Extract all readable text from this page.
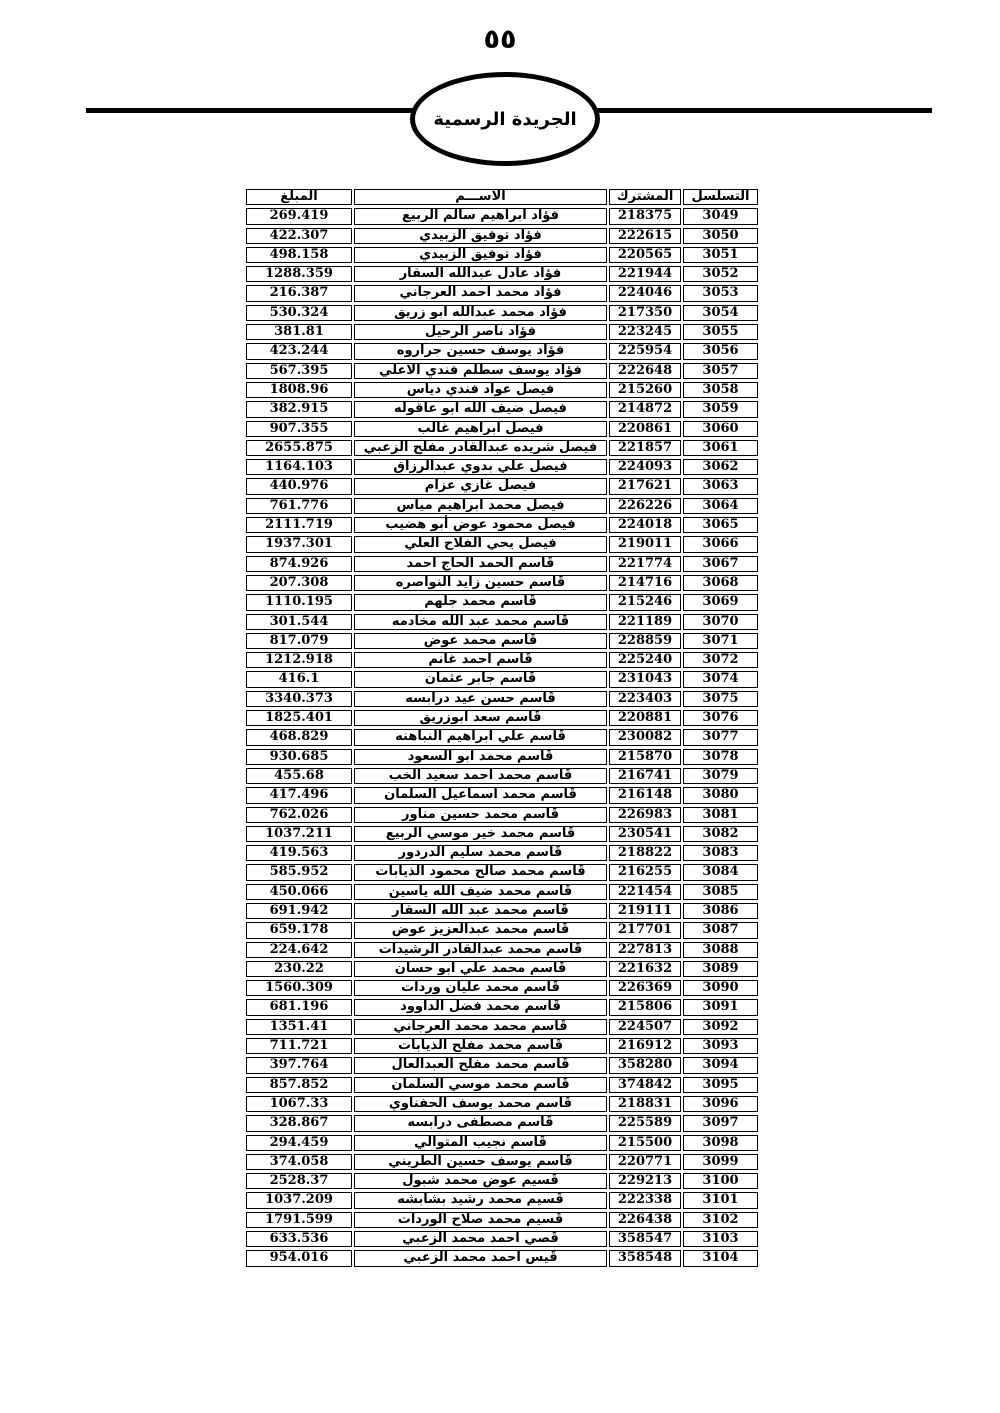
٥٥
الجريدة الرسمية
التسلسل	المشترك	الاســـم	المبلغ
3049	218375	فؤاد ابراهيم سالم الربيع	269.419
3050	222615	فؤاد توفيق الزبيدي	422.307
3051	220565	فؤاد توفيق الزبيدي	498.158
3052	221944	فؤاد عادل عبدالله السقار	1288.359
3053	224046	فؤاد محمد احمد العرجاني	216.387
3054	217350	فؤاد محمد عبدالله ابو زريق	530.324
3055	223245	فؤاد ناصر الرحيل	381.81
3056	225954	فؤاد يوسف حسين جراروه	423.244
3057	222648	فؤاد يوسف سطلم فندي الاعلي	567.395
3058	215260	فيصل عواد فندي دياس	1808.96
3059	214872	فيصل ضيف الله ابو عاقوله	382.915
3060	220861	فيصل ابراهيم غالب	907.355
3061	221857	فيصل شريده عبدالقادر مفلح الزعبي	2655.875
3062	224093	فيصل علي بدوي عبدالرزاق	1164.103
3063	217621	فيصل غازي عزام	440.976
3064	226226	فيصل محمد ابراهيم مياس	761.776
3065	224018	فيصل محمود عوض أبو هضيب	2111.719
3066	219011	فيصل يحي الفلاح العلي	1937.301
3067	221774	قَاسم الحمد الحاج احمد	874.926
3068	214716	قَاسم حسين زايد النواصره	207.308
3069	215246	قَاسم محمد جلهم	1110.195
3070	221189	قَاسم محمد عبد الله مخادمه	301.544
3071	228859	قَاسم محمد عوض	817.079
3072	225240	قَاسم احمد غانم	1212.918
3074	231043	قَاسم جابر عثمان	416.1
3075	223403	قَاسم حسن عيد درابسه	3340.373
3076	220881	قَاسم سعد ابوزريق	1825.401
3077	230082	قَاسم علي ابراهيم النباهنه	468.829
3078	215870	قَاسم محمد ابو السعود	930.685
3079	216741	قَاسم محمد احمد سعيد الخب	455.68
3080	216148	قَاسم محمد اسماعيل السلمان	417.496
3081	226983	قَاسم محمد حسين مناور	762.026
3082	230541	قَاسم محمد خير موسي الربيع	1037.211
3083	218822	قَاسم محمد سليم الدردور	419.563
3084	216255	قَاسم محمد صالح محمود الذيابات	585.952
3085	221454	قَاسم محمد ضيف الله ياسين	450.066
3086	219111	قَاسم محمد عبد الله السقار	691.942
3087	217701	قَاسم محمد عبدالعزيز عوض	659.178
3088	227813	قَاسم محمد عبدالقادر الرشيدات	224.642
3089	221632	قَاسم محمد علي ابو حسان	230.22
3090	226369	قَاسم محمد عليان وردات	1560.309
3091	215806	قَاسم محمد فضل الداوود	681.196
3092	224507	قَاسم محمد محمد العرجاني	1351.41
3093	216912	قَاسم محمد مفلح الذيابات	711.721
3094	358280	قَاسم محمد مفلح العبدالعال	397.764
3095	374842	قَاسم محمد موسي السلمان	857.852
3096	218831	قَاسم محمد يوسف الحفناوي	1067.33
3097	225589	قَاسم مصطفى درابسه	328.867
3098	215500	قَاسم نجيب المتوالي	294.459
3099	220771	قَاسم يوسف حسين الطريني	374.058
3100	229213	قَسيم عوض محمد شبول	2528.37
3101	222338	قَسيم محمد رشيد بشابشه	1037.209
3102	226438	قَسيم محمد صلاح الوردات	1791.599
3103	358547	قَصي احمد محمد الزعبي	633.536
3104	358548	قَيس احمد محمد الزعبي	954.016
